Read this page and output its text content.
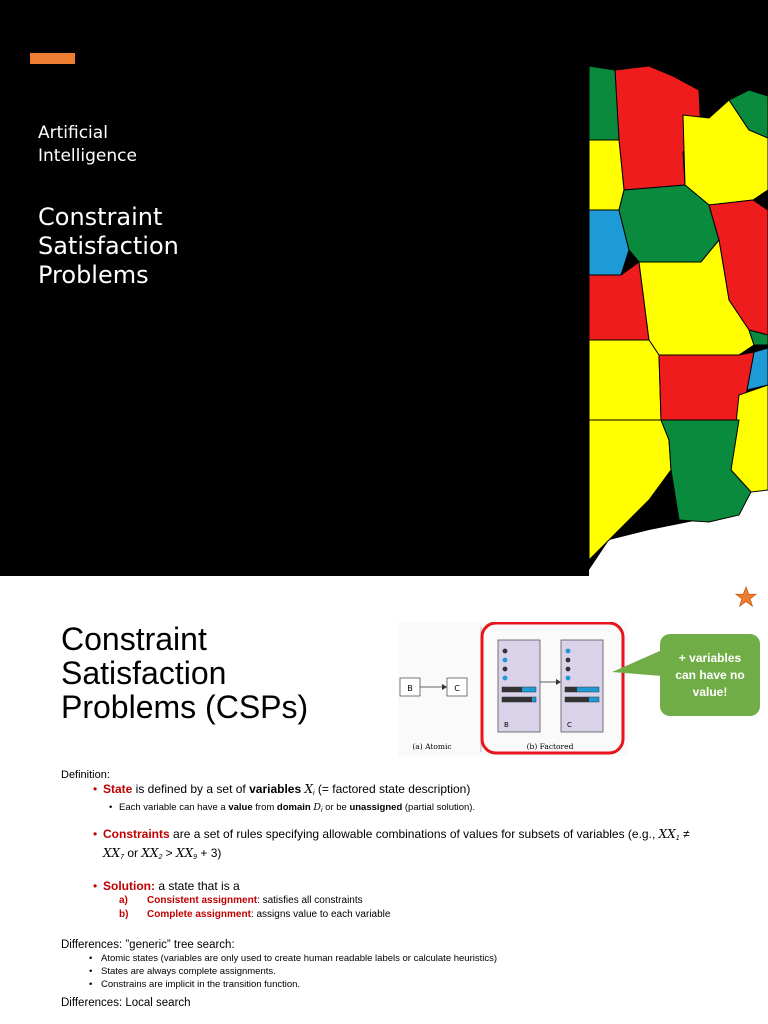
Artificial
Intelligence
Constraint
Satisfaction
Problems
Constraint
Satisfaction
Problems (CSPs)
B	C
(a) Atomic
B	C
(b) Factored
+ variables
can have no
value!
Definition:
• State is defined by a set of variables $X_i$ (= factored state description)
• Each variable can have a value from domain $D_i$ or be unassigned (partial solution).
• Constraints are a set of rules specifying allowable combinations of values for subsets of variables (e.g., $XX_1$ ≠
$XX_7$ or $XX_2 > XX_9 + 3$)
• Solution: a state that is a
a) Consistent assignment: satisfies all constraints
b) Complete assignment: assigns value to each variable
Differences: ”generic” tree search:
• Atomic states (variables are only used to create human readable labels or calculate heuristics)
• States are always complete assignments.
• Constrains are implicit in the transition function.
Differences: Local search
